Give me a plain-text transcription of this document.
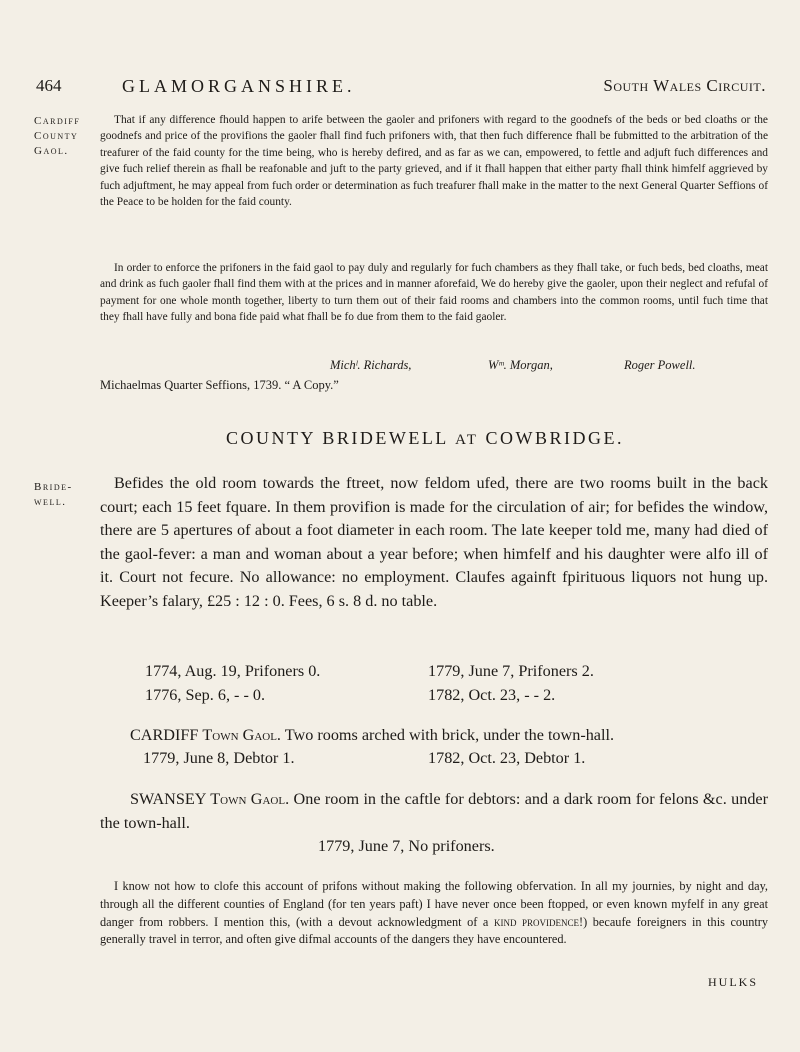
464	GLAMORGANSHIRE.	South Wales Circuit.
Cardiff
County
Gaol.

That if any difference fhould happen to arife between the gaoler and prifoners with regard to the goodnefs of the beds or bed cloaths or the goodnefs and price of the provifions the gaoler fhall find fuch prifoners with, that then fuch difference fhall be fubmitted to the arbitration of the treafurer of the faid county for the time being, who is hereby defired, and as far as we can, empowered, to fettle and adjuft fuch differences and give fuch relief therein as fhall be reafonable and juft to the party grieved, and if it fhall happen that either party fhall think himfelf aggrieved by fuch adjuftment, he may appeal from fuch order or determination as fuch treafurer fhall make in the matter to the next General Quarter Seffions of the Peace to be holden for the faid county.

In order to enforce the prifoners in the faid gaol to pay duly and regularly for fuch chambers as they fhall take, or fuch beds, bed cloaths, meat and drink as fuch gaoler fhall find them with at the prices and in manner aforefaid, We do hereby give the gaoler, upon their neglect and refufal of payment for one whole month together, liberty to turn them out of their faid rooms and chambers into the common rooms, until fuch time that they fhall have fully and bona fide paid what fhall be fo due from them to the faid gaoler.

Michˡ. Richards,	Wᵐ. Morgan,	Roger Powell.
Michaelmas Quarter Seffions, 1739. “ A Copy.”
COUNTY BRIDEWELL AT COWBRIDGE.
Bride-
well.

Befides the old room towards the ftreet, now feldom ufed, there are two rooms built in the back court; each 15 feet fquare. In them provifion is made for the circulation of air; for befides the window, there are 5 apertures of about a foot diameter in each room. The late keeper told me, many had died of the gaol-fever: a man and woman about a year before; when himfelf and his daughter were alfo ill of it. Court not fecure. No allowance: no employment. Claufes againft fpirituous liquors not hung up. Keeper’s falary, £25 : 12 : 0. Fees, 6 s. 8 d. no table.

1774, Aug. 19, Prifoners 0.	1779, June 7, Prifoners 2.
1776, Sep. 6, - - 0.	1782, Oct. 23, - - 2.

CARDIFF Town Gaol. Two rooms arched with brick, under the town-hall.

1779, June 8, Debtor 1.	1782, Oct. 23, Debtor 1.

SWANSEY Town Gaol. One room in the caftle for debtors: and a dark room for felons &c. under the town-hall.

1779, June 7, No prifoners.

I know not how to clofe this account of prifons without making the following obfervation. In all my journies, by night and day, through all the different counties of England (for ten years paft) I have never once been ftopped, or even known myfelf in any great danger from robbers. I mention this, (with a devout acknowledgment of a kind providence!) becaufe foreigners in this country generally travel in terror, and often give difmal accounts of the dangers they have encountered.

HULKS
